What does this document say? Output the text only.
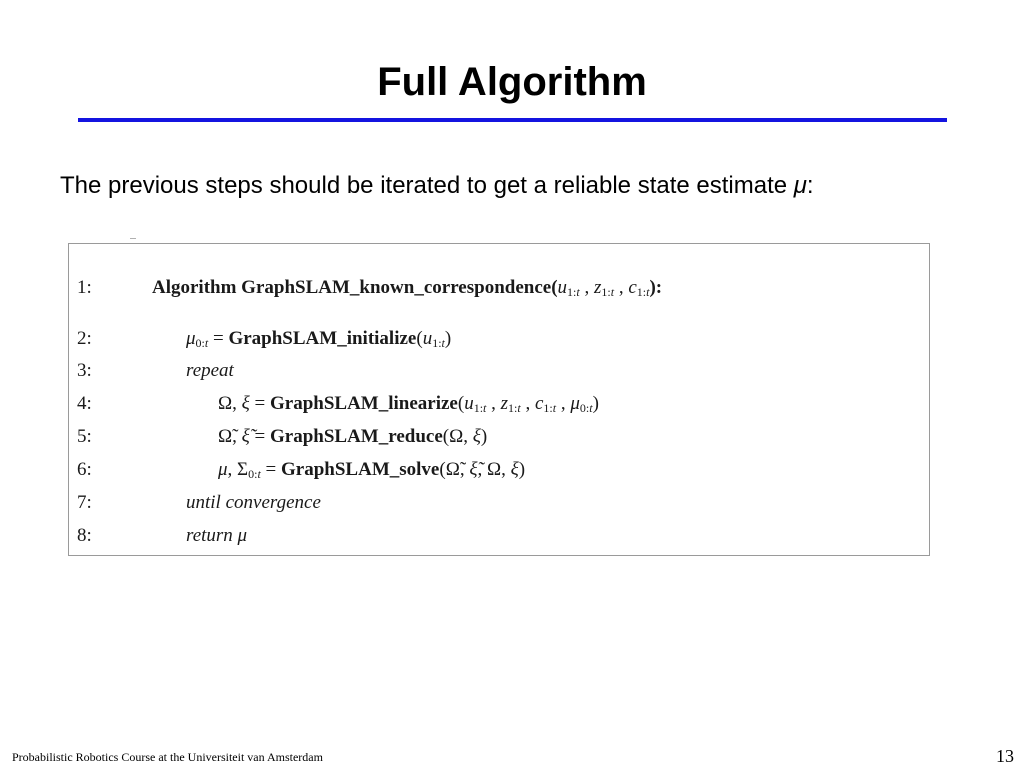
Full Algorithm
The previous steps should be iterated to get a reliable state estimate μ:
1:	Algorithm $GraphSLAM\_known\_correspondence(u_{1:t}$ , $z_{1:t}$ , $c_{1:t}$):
2:	$\mu_{0:t}$ = $GraphSLAM\_initialize(u_{1:t})$
3:	repeat
4:	Ω, $\xi = GraphSLAM\_linearize(u_{1:t}$ , $z_{1:t}$ , $c_{1:t}$ , $\mu_{0:t}$)
5:	Ω̃, ξ̃ = GraphSLAM_reduce(Ω, ξ)
6:	μ, $\Sigma_{0:t}$ = GraphSLAM_solve(Ω̃, ξ̃, Ω, ξ)
7:	until convergence
8:	return μ
Probabilistic Robotics Course at the Universiteit van Amsterdam	13
